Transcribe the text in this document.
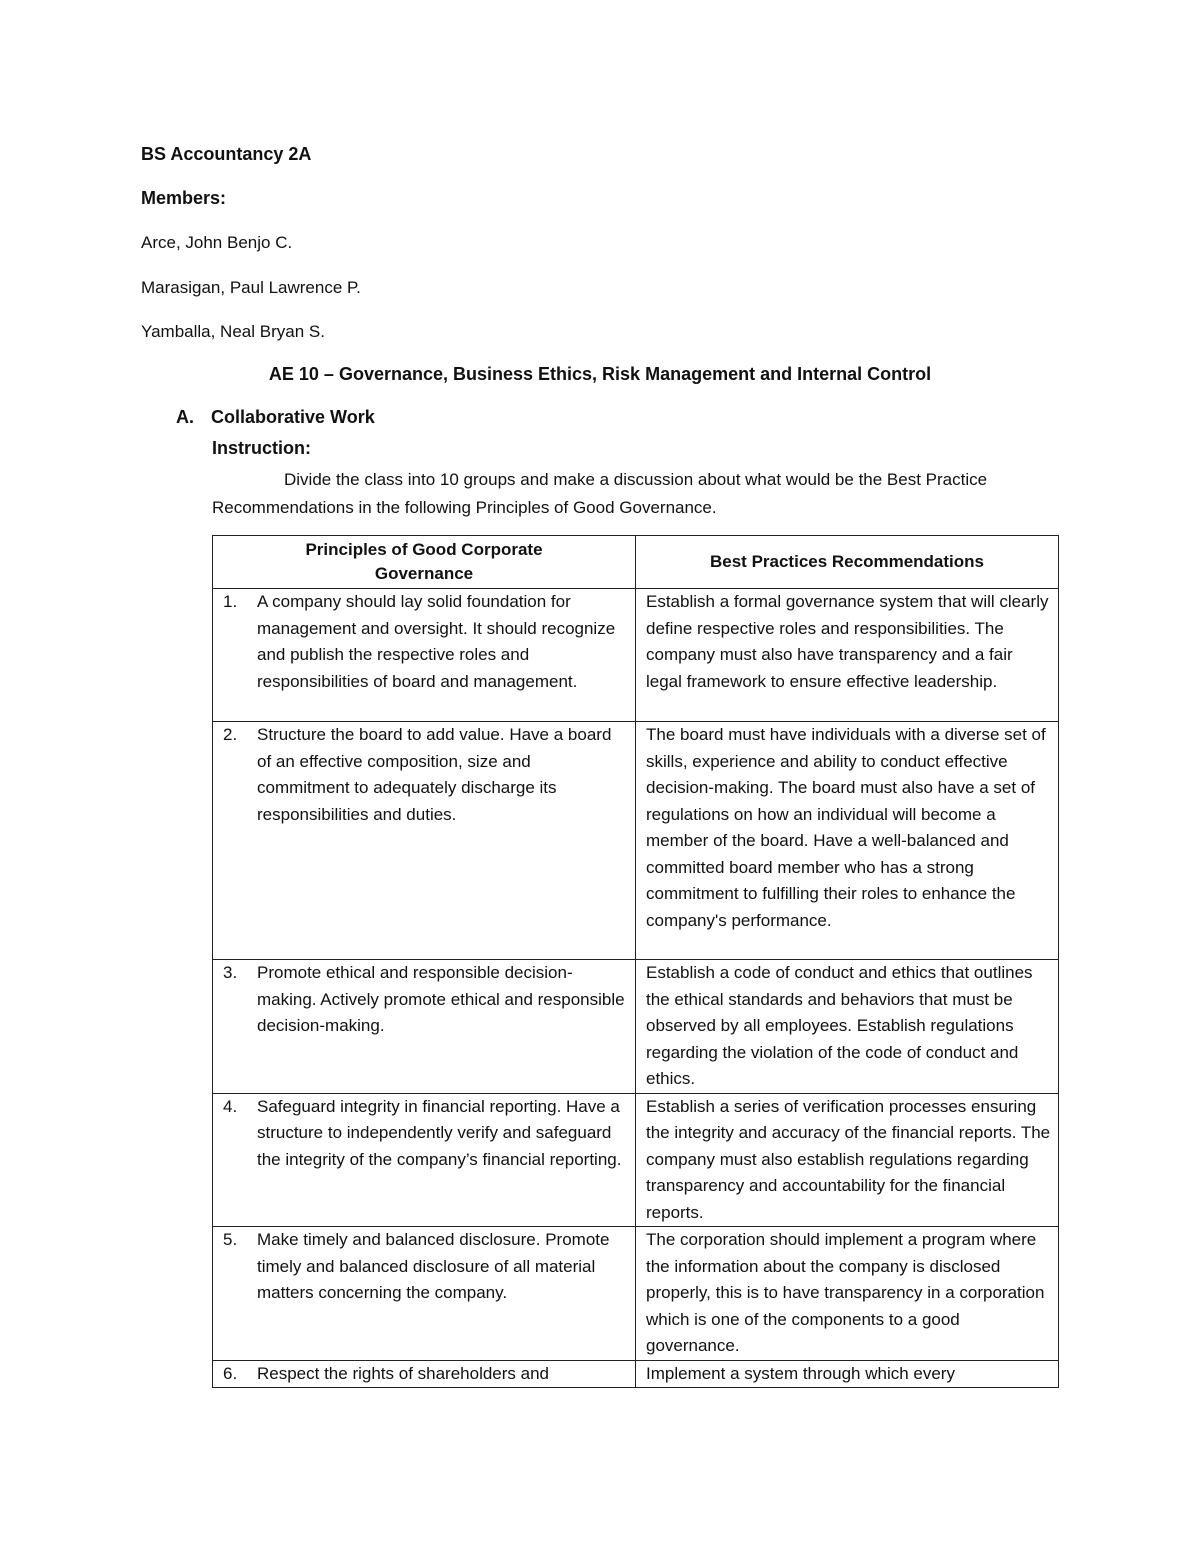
BS Accountancy 2A
Members:
Arce, John Benjo C.
Marasigan, Paul Lawrence P.
Yamballa, Neal Bryan S.
AE 10 – Governance, Business Ethics, Risk Management and Internal Control
A. Collaborative Work
Instruction:
Divide the class into 10 groups and make a discussion about what would be the Best Practice Recommendations in the following Principles of Good Governance.
Principles of Good Corporate Governance	Best Practices Recommendations

1. A company should lay solid foundation for management and oversight. It should recognize and publish the respective roles and responsibilities of board and management.	Establish a formal governance system that will clearly define respective roles and responsibilities. The company must also have transparency and a fair legal framework to ensure effective leadership.

2. Structure the board to add value. Have a board of an effective composition, size and commitment to adequately discharge its responsibilities and duties.	The board must have individuals with a diverse set of skills, experience and ability to conduct effective decision-making. The board must also have a set of regulations on how an individual will become a member of the board. Have a well-balanced and committed board member who has a strong commitment to fulfilling their roles to enhance the company's performance.

3. Promote ethical and responsible decision-making. Actively promote ethical and responsible decision-making.	Establish a code of conduct and ethics that outlines the ethical standards and behaviors that must be observed by all employees. Establish regulations regarding the violation of the code of conduct and ethics.

4. Safeguard integrity in financial reporting. Have a structure to independently verify and safeguard the integrity of the company’s financial reporting.	Establish a series of verification processes ensuring the integrity and accuracy of the financial reports. The company must also establish regulations regarding transparency and accountability for the financial reports.

5. Make timely and balanced disclosure. Promote timely and balanced disclosure of all material matters concerning the company.	The corporation should implement a program where the information about the company is disclosed properly, this is to have transparency in a corporation which is one of the components to a good governance.

6. Respect the rights of shareholders and	Implement a system through which every
